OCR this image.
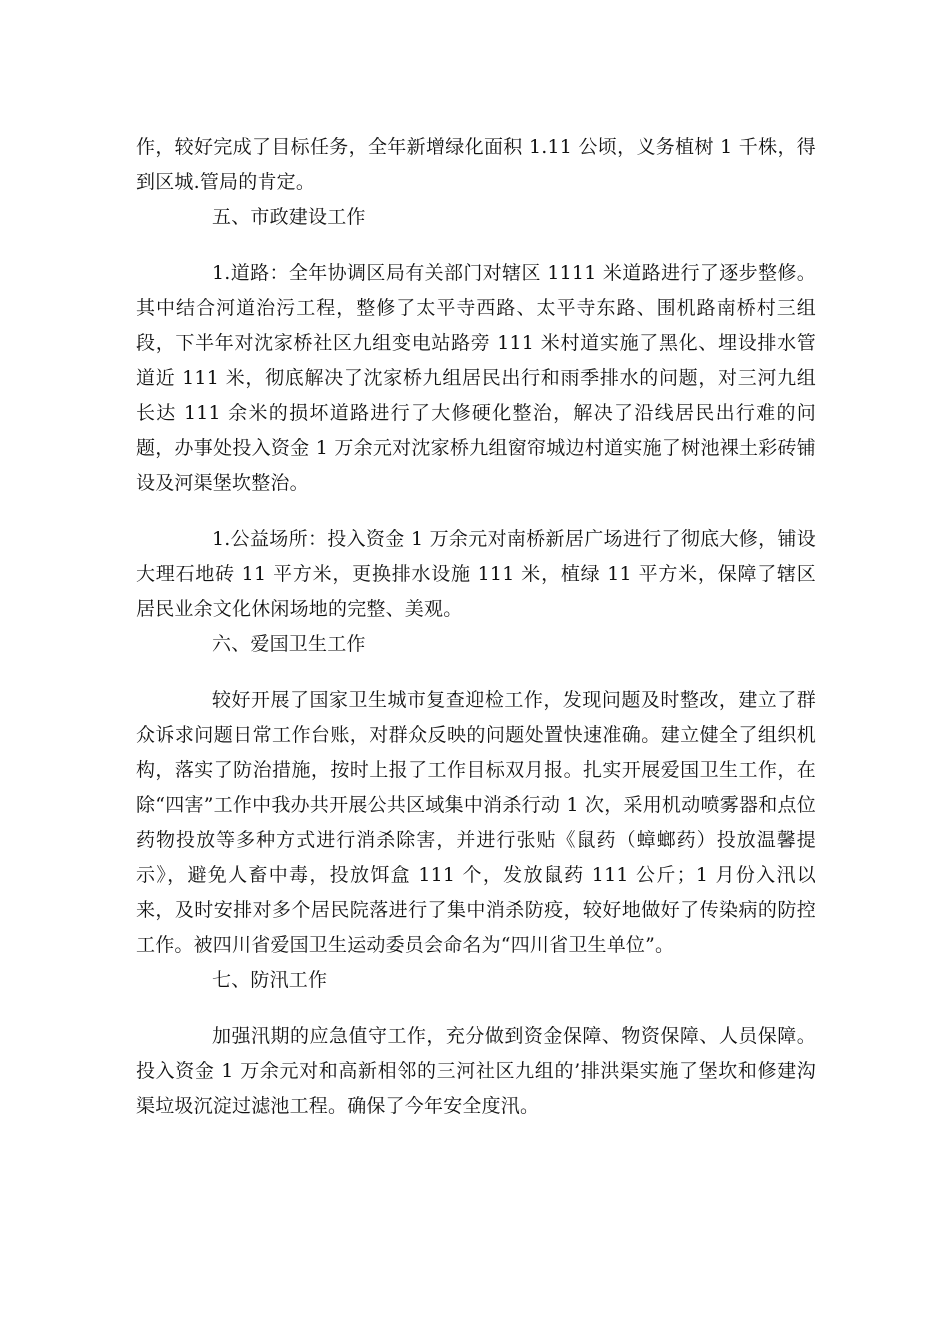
作，较好完成了目标任务，全年新增绿化面积 1.11 公顷，义务植树 1 千株，得到区城.管局的肯定。

五、市政建设工作

1.道路：全年协调区局有关部门对辖区 1111 米道路进行了逐步整修。其中结合河道治污工程，整修了太平寺西路、太平寺东路、围机路南桥村三组段，下半年对沈家桥社区九组变电站路旁 111 米村道实施了黑化、埋设排水管道近 111 米，彻底解决了沈家桥九组居民出行和雨季排水的问题，对三河九组长达 111 余米的损坏道路进行了大修硬化整治，解决了沿线居民出行难的问题，办事处投入资金 1 万余元对沈家桥九组窗帘城边村道实施了树池裸土彩砖铺设及河渠堡坎整治。

1.公益场所：投入资金 1 万余元对南桥新居广场进行了彻底大修，铺设大理石地砖 11 平方米，更换排水设施 111 米，植绿 11 平方米，保障了辖区居民业余文化休闲场地的完整、美观。

六、爱国卫生工作

较好开展了国家卫生城市复查迎检工作，发现问题及时整改，建立了群众诉求问题日常工作台账，对群众反映的问题处置快速准确。建立健全了组织机构，落实了防治措施，按时上报了工作目标双月报。扎实开展爱国卫生工作，在除“四害”工作中我办共开展公共区域集中消杀行动 1 次，采用机动喷雾器和点位药物投放等多种方式进行消杀除害，并进行张贴《鼠药（蟑螂药）投放温馨提示》，避免人畜中毒，投放饵盒 111 个，发放鼠药 111 公斤；1 月份入汛以来，及时安排对多个居民院落进行了集中消杀防疫，较好地做好了传染病的防控工作。被四川省爱国卫生运动委员会命名为“四川省卫生单位”。

七、防汛工作

加强汛期的应急值守工作，充分做到资金保障、物资保障、人员保障。投入资金 1 万余元对和高新相邻的三河社区九组的’排洪渠实施了堡坎和修建沟渠垃圾沉淀过滤池工程。确保了今年安全度汛。
